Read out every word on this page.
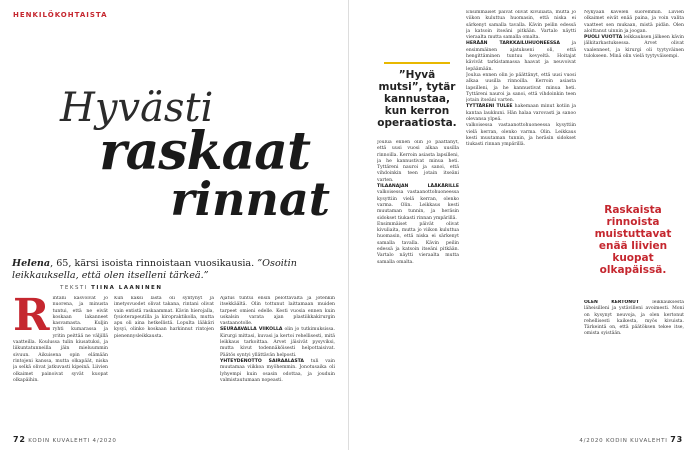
HENKILÖKOHTAISTA
Hyvästi
raskaat
rinnat
Helena, 65, kärsi isoista rinnoistaan vuosikausia. ”Osoitin leikkauksella, että olen itselleni tärkeä.”
TEKSTI TIINA LAANINEN
R intani kasvoivat jo nuorena, ja minusta tuntui, että ne eivät koskaan lakanneet kasvamasta. Kuljin ryhti kumarassa ja yritin peittää ne väljillä vaatteilla. Koulussa tulin kiusatuksi, ja liikuntatunneilla jäin mieluummin sivuun. Aikuisena opin elämään rintojeni kanssa, mutta olkapäät, niska ja selkä olivat jatkuvasti kipeinä. Liivien olkaimet painoivat syvät kuopat olkapäihin.
Kun kaksi lasta oli syntynyt ja imetysvuodet olivat takana, rintani olivat vain entistä raskaammat. Kävin hierojalla, fysioterapeutilla ja kiropraktikolla, mutta apu oli aina hetkellistä. Lopulta lääkäri kysyi, olinko koskaan harkinnut rintojen pienennysleikkausta.

Ajatus tuntui ensin pelottavalta ja jotenkin itsekkäältä. Olin tottunut laittamaan muiden tarpeet omieni edelle. Kesti vuosia ennen kuin uskalsin varata ajan plastiikkakirurgin vastaanotolle.

SEURAAVALLA VIIKOLLA olin jo tutkimuksissa. Kirurgi mittasi, kuvasi ja kertoi rehellisesti, mitä leikkaus tarkoittaa. Arvet jäisivät pysyviksi, mutta kivut todennäköisesti helpottaisivat. Päätös syntyi yllättävän helposti.

YHTEYDENOTTO SAIRAALASTA tuli vain muutamaa viikkoa myöhemmin. Jonotusaika oli lyhyempi kuin osasin odottaa, ja jouduin valmistautumaan nopeasti.

72 KODIN KUVALEHTI 4/2020
”Hyvä mutsi”, tytär kannustaa, kun kerron operaatiosta.

Joulua ennen olin jo päättänyt, että uusi vuosi alkaa uusilla rinnoilla. Kerroin asiasta lapsilleni, ja he kannustivat minua heti. Tyttäreni nauroi ja sanoi, että vihdoinkin teen jotain itseäni varten.

TILAANAJAN LÄÄKÄRILLE valkoisessa vastaanottohuoneessa kysyttiin vielä kerran, olenko varma. Olin. Leikkaus kesti muutaman tunnin, ja heräsin sidokset tiukasti rinnan ympärillä.

Ensimmäiset päivät olivat kivuliaita, mutta jo viikon kuluttua huomasin, että niska ei särkenyt samalla tavalla. Kävin peilin edessä ja katsoin itseäni pitkään. Vartalo näytti vieraalta mutta samalla omalta.

Ensimmäiset päivät olivat kivuliaita, mutta jo viikon kuluttua huomasin, että niska ei särkenyt samalla tavalla. Kävin peilin edessä ja katsoin itseäni pitkään. Vartalo näytti vieraalta mutta samalla omalta.

HERÄÄN TARKKAILUHUONEESSA	ja ensimmäinen ajatukseni oli, että hengittäminen tuntuu kevyeltä. Hoitajat kävivät tarkistamassa haavat ja neuvoivat lepäämään.

Joulua ennen olin jo päättänyt, että uusi vuosi alkaa uusilla rinnoilla. Kerroin asiasta lapsilleni, ja he kannustivat minua heti. Tyttäreni nauroi ja sanoi, että vihdoinkin teen jotain itseäni varten.

TYTTÄRENI TULEE hakemaan minut kotiin ja kantaa laukkuni. Hän halaa varovasti ja sanoo olevansa ylpeä.

valkoisessa vastaanottohuoneessa kysyttiin vielä kerran, olenko varma. Olin. Leikkaus kesti muutaman tunnin, ja heräsin sidokset tiukasti rinnan ympärillä.

Nykyään kävelen suoremmin. Liivien olkaimet eivät enää paina, ja voin valita vaatteet sen mukaan, mistä pidän. Olen aloittanut uinnin ja joogan.

PUOLI VUOTTA leikkauksen jälkeen kävin jälkitarkastuksessa. Arvet olivat vaalenneet, ja kirurgi oli tyytyväinen tulokseen. Minä olin vielä tyytyväisempi.

Raskaista rinnoista muistuttavat enää liivien kuopat olkapäissä.

OLEN KERTONUT	leikkauksesta läheisilleni ja ystävilleni avoimesti. Moni on kysynyt neuvoja, ja olen kertonut rehellisesti kaikesta, myös kivuista. Tärkeintä on, että päätöksen tekee itse, omista syistään.

4/2020 KODIN KUVALEHTI 73
